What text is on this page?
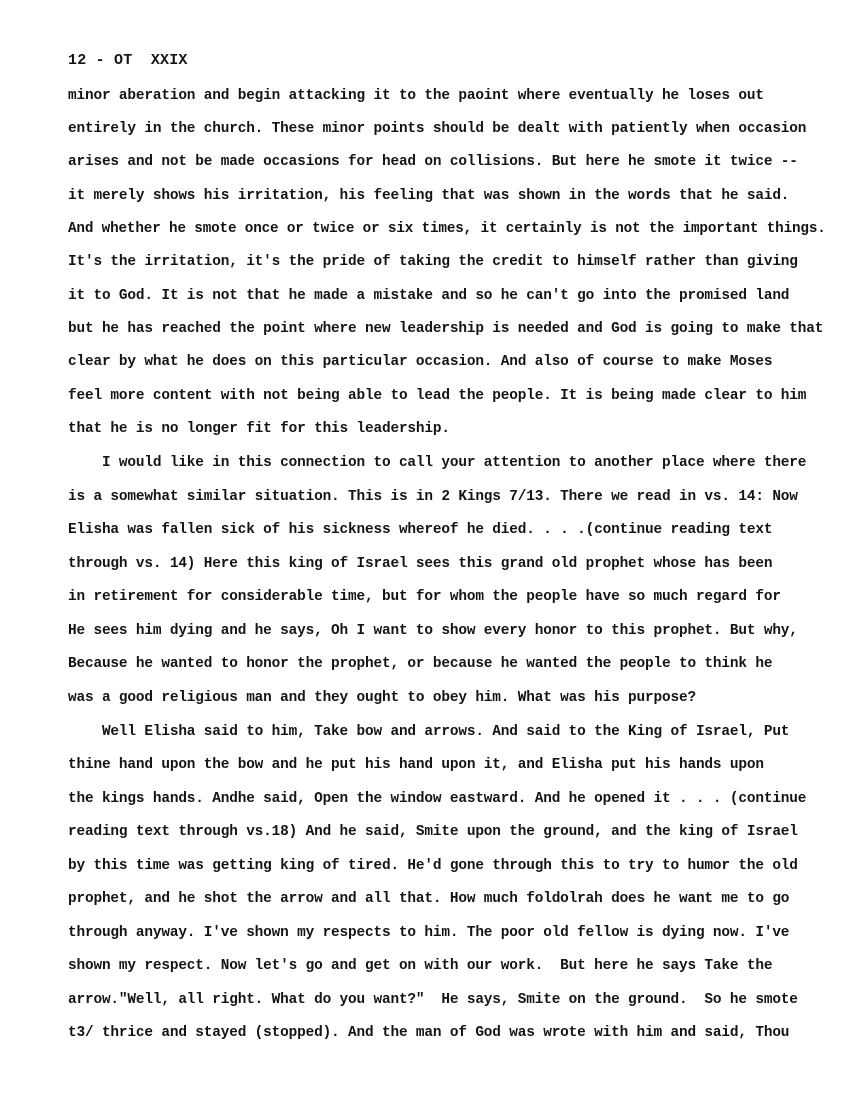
12 - OT  XXIX
minor aberation and begin attacking it to the paoint where eventually he loses out
entirely in the church. These minor points should be dealt with patiently when occasion
arises and not be made occasions for head on collisions. But here he smote it twice --
it merely shows his irritation, his feeling that was shown in the words that he said.
And whether he smote once or twice or six times, it certainly is not the important things.
It's the irritation, it's the pride of taking the credit to himself rather than giving
it to God. It is not that he made a mistake and so he can't go into the promised land
but he has reached the point where new leadership is needed and God is going to make that
clear by what he does on this particular occasion. And also of course to make Moses
feel more content with not being able to lead the people. It is being made clear to him
that he is no longer fit for this leadership.
I would like in this connection to call your attention to another place where there
is a somewhat similar situation. This is in 2 Kings 7/13. There we read in vs. 14: Now
Elisha was fallen sick of his sickness whereof he died. . . .(continue reading text
through vs. 14) Here this king of Israel sees this grand old prophet whose has been
in retirement for considerable time, but for whom the people have so much regard for
He sees him dying and he says, Oh I want to show every honor to this prophet. But why,
Because he wanted to honor the prophet, or because he wanted the people to think he
was a good religious man and they ought to obey him. What was his purpose?
Well Elisha said to him, Take bow and arrows. And said to the King of Israel, Put
thine hand upon the bow and he put his hand upon it, and Elisha put his hands upon
the kings hands. Andhe said, Open the window eastward. And he opened it . . . (continue
reading text through vs.18) And he said, Smite upon the ground, and the king of Israel
by this time was getting king of tired. He'd gone through this to try to humor the old
prophet, and he shot the arrow and all that. How much foldolrah does he want me to go
through anyway. I've shown my respects to him. The poor old fellow is dying now. I've
shown my respect. Now let's go and get on with our work.  But here he says Take the
arrow."Well, all right. What do you want?"  He says, Smite on the ground.  So he smote
t3/ thrice and stayed (stopped). And the man of God was wrote with him and said, Thou
